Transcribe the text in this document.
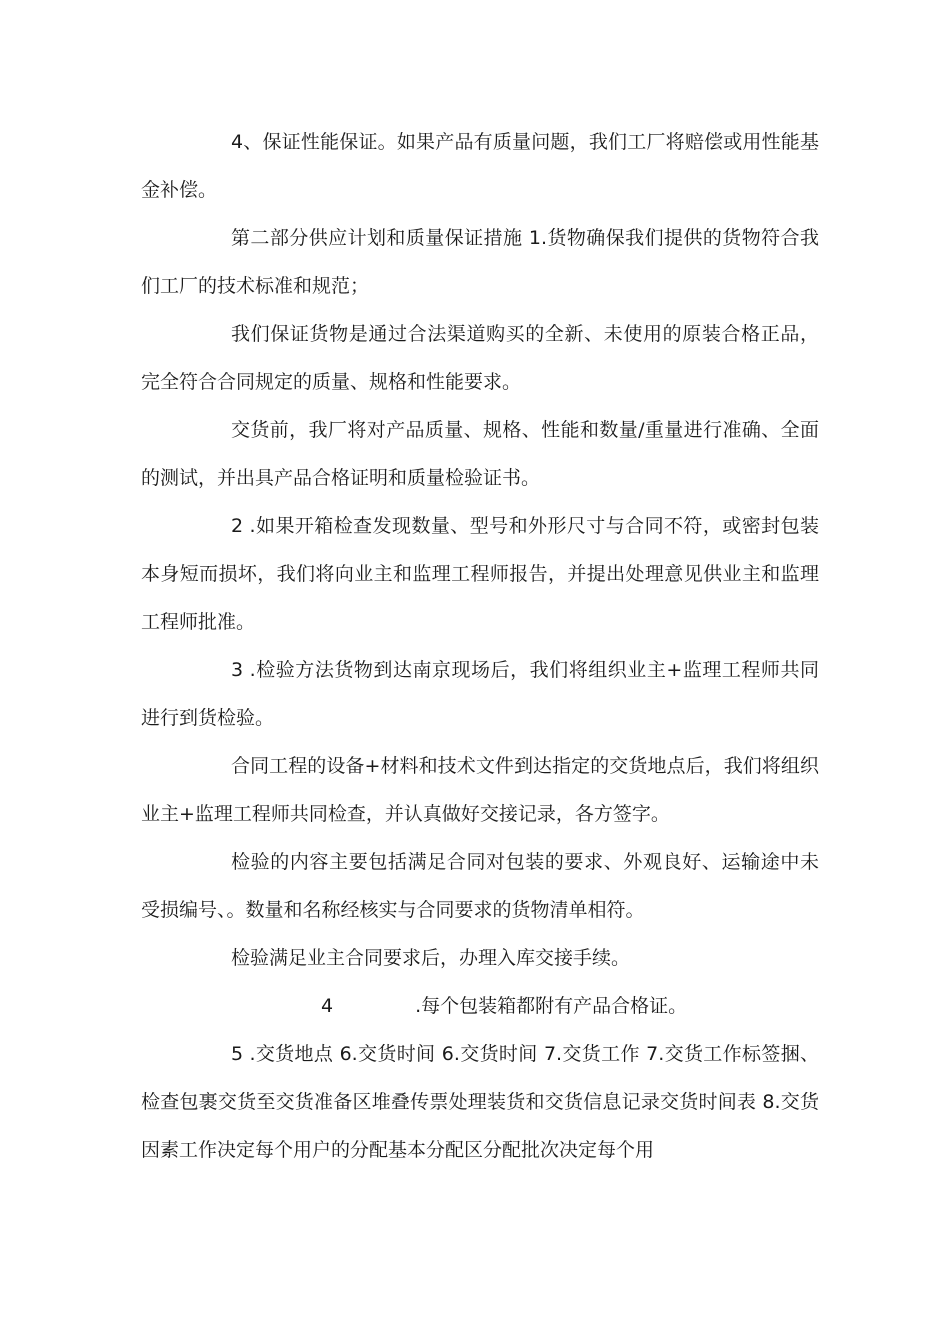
4、保证性能保证。如果产品有质量问题，我们工厂将赔偿或用性能基金补偿。

第二部分供应计划和质量保证措施 1.货物确保我们提供的货物符合我们工厂的技术标准和规范；

我们保证货物是通过合法渠道购买的全新、未使用的原装合格正品，完全符合合同规定的质量、规格和性能要求。

交货前，我厂将对产品质量、规格、性能和数量/重量进行准确、全面的测试，并出具产品合格证明和质量检验证书。

2 .如果开箱检查发现数量、型号和外形尺寸与合同不符，或密封包装本身短而损坏，我们将向业主和监理工程师报告，并提出处理意见供业主和监理工程师批准。

3 .检验方法货物到达南京现场后，我们将组织业主+监理工程师共同进行到货检验。

合同工程的设备+材料和技术文件到达指定的交货地点后，我们将组织业主+监理工程师共同检查，并认真做好交接记录，各方签字。

检验的内容主要包括满足合同对包装的要求、外观良好、运输途中未受损编号、。数量和名称经核实与合同要求的货物清单相符。

检验满足业主合同要求后，办理入库交接手续。

4	.每个包装箱都附有产品合格证。

5 .交货地点 6.交货时间 6.交货时间 7.交货工作 7.交货工作标签捆、检查包裹交货至交货准备区堆叠传票处理装货和交货信息记录交货时间表 8.交货因素工作决定每个用户的分配基本分配区分配批次决定每个用
